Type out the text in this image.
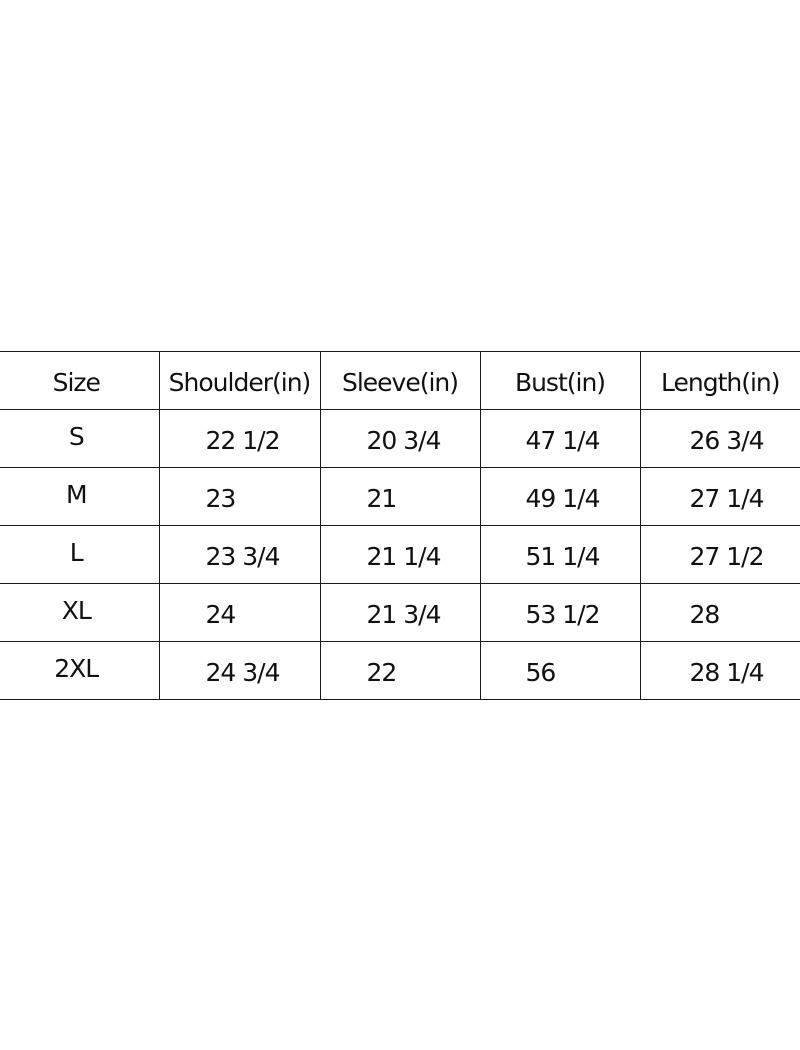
Size	Shoulder(in)	Sleeve(in)	Bust(in)	Length(in)
S	22 1/2	20 3/4	47 1/4	26 3/4
M	23	21	49 1/4	27 1/4
L	23 3/4	21 1/4	51 1/4	27 1/2
XL	24	21 3/4	53 1/2	28
2XL	24 3/4	22	56	28 1/4
